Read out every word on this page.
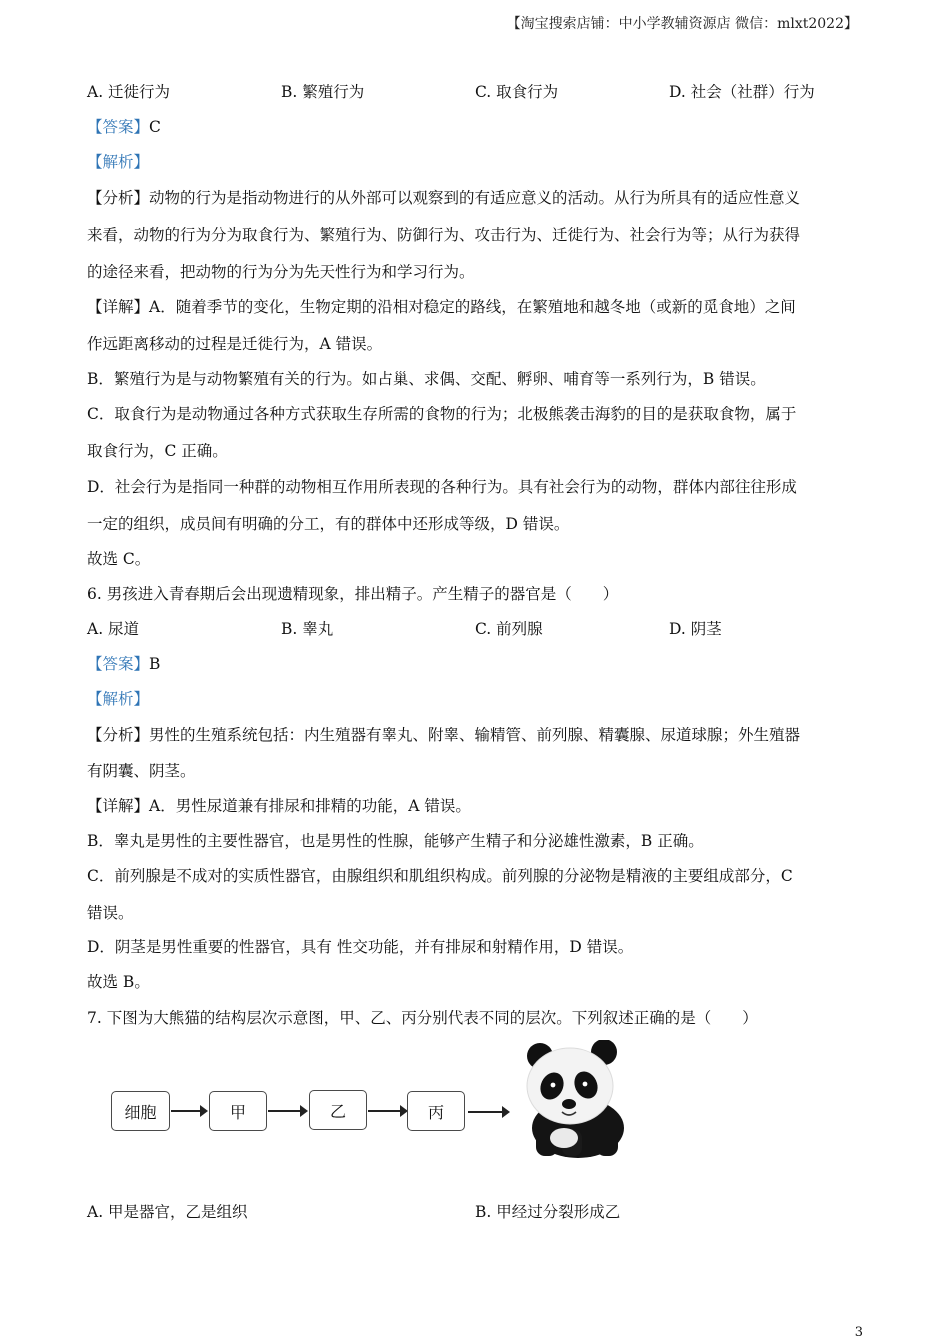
【淘宝搜索店铺：中小学教辅资源店 微信：mlxt2022】
A. 迁徙行为	B. 繁殖行为	C. 取食行为	D. 社会（社群）行为
【答案】C
【解析】
【分析】动物的行为是指动物进行的从外部可以观察到的有适应意义的活动。从行为所具有的适应性意义
来看，动物的行为分为取食行为、繁殖行为、防御行为、攻击行为、迁徙行为、社会行为等；从行为获得
的途径来看，把动物的行为分为先天性行为和学习行为。
【详解】A．随着季节的变化，生物定期的沿相对稳定的路线，在繁殖地和越冬地（或新的觅食地）之间
作远距离移动的过程是迁徙行为，A 错误。
B．繁殖行为是与动物繁殖有关的行为。如占巢、求偶、交配、孵卵、哺育等一系列行为，B 错误。
C．取食行为是动物通过各种方式获取生存所需的食物的行为；北极熊袭击海豹的目的是获取食物，属于
取食行为，C 正确。
D．社会行为是指同一种群的动物相互作用所表现的各种行为。具有社会行为的动物，群体内部往往形成
一定的组织，成员间有明确的分工，有的群体中还形成等级，D 错误。
故选 C。
6. 男孩进入青春期后会出现遗精现象，排出精子。产生精子的器官是（　　）
A. 尿道	B. 睾丸	C. 前列腺	D. 阴茎
【答案】B
【解析】
【分析】男性的生殖系统包括：内生殖器有睾丸、附睾、输精管、前列腺、精囊腺、尿道球腺；外生殖器
有阴囊、阴茎。
【详解】A．男性尿道兼有排尿和排精的功能，A 错误。
B．睾丸是男性的主要性器官，也是男性的性腺，能够产生精子和分泌雄性激素，B 正确。
C．前列腺是不成对的实质性器官，由腺组织和肌组织构成。前列腺的分泌物是精液的主要组成部分，C
错误。
D．阴茎是男性重要的性器官，具有 性交功能，并有排尿和射精作用，D 错误。
故选 B。
7. 下图为大熊猫的结构层次示意图，甲、乙、丙分别代表不同的层次。下列叙述正确的是（　　）
细胞	甲	乙	丙
A. 甲是器官，乙是组织	B. 甲经过分裂形成乙
3
